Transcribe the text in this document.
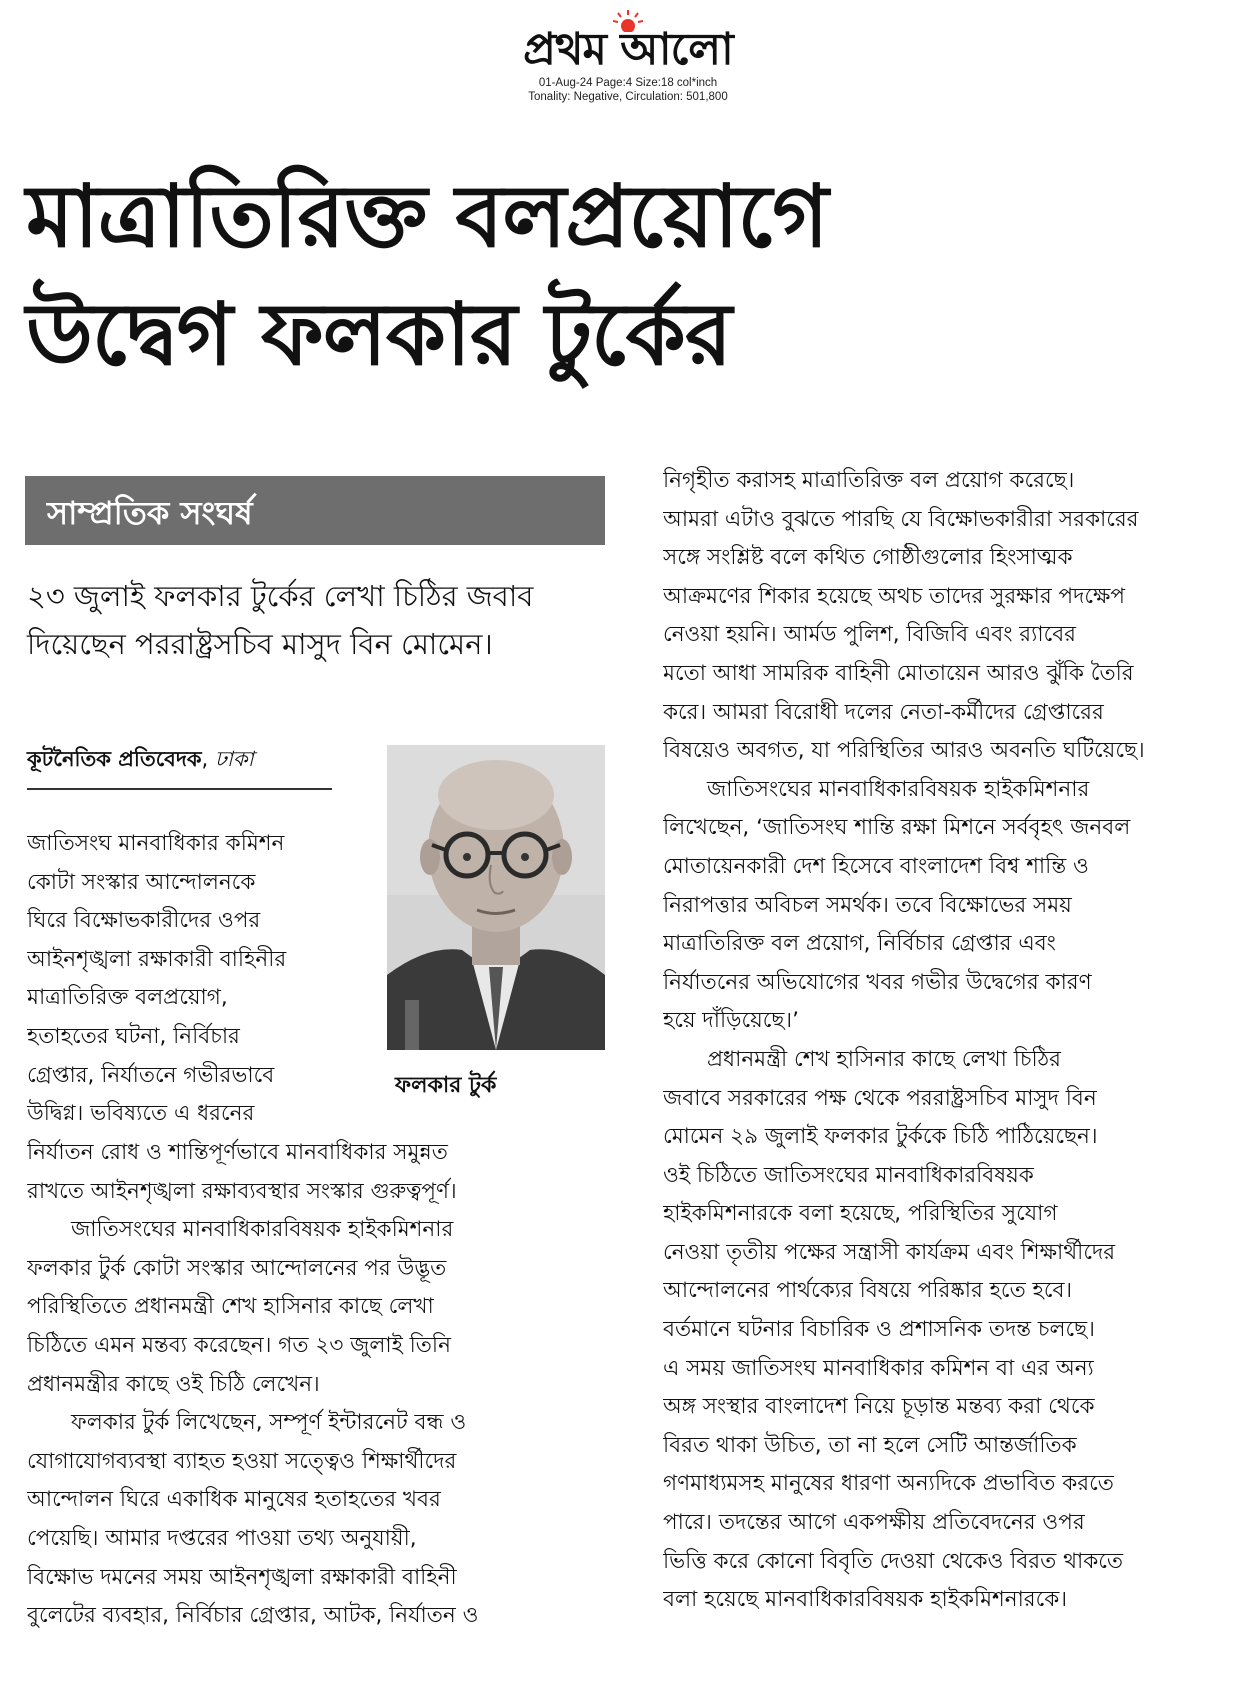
প্রথম আলো
01-Aug-24 Page:4 Size:18 col*inch
Tonality: Negative, Circulation: 501,800
মাত্রাতিরিক্ত বলপ্রয়োগে
উদ্বেগ ফলকার টুর্কের
সাম্প্রতিক সংঘর্ষ
২৩ জুলাই ফলকার টুর্কের লেখা চিঠির জবাব দিয়েছেন পররাষ্ট্রসচিব মাসুদ বিন মোমেন।
কূটনৈতিক প্রতিবেদক, ঢাকা
ফলকার টুর্ক
জাতিসংঘ মানবাধিকার কমিশন
কোটা সংস্কার আন্দোলনকে
ঘিরে বিক্ষোভকারীদের ওপর
আইনশৃঙ্খলা রক্ষাকারী বাহিনীর
মাত্রাতিরিক্ত বলপ্রয়োগ,
হতাহতের ঘটনা, নির্বিচার
গ্রেপ্তার, নির্যাতনে গভীরভাবে
উদ্বিগ্ন। ভবিষ্যতে এ ধরনের
নির্যাতন রোধ ও শান্তিপূর্ণভাবে মানবাধিকার সমুন্নত
রাখতে আইনশৃঙ্খলা রক্ষাব্যবস্থার সংস্কার গুরুত্বপূর্ণ।
জাতিসংঘের মানবাধিকারবিষয়ক হাইকমিশনার
ফলকার টুর্ক কোটা সংস্কার আন্দোলনের পর উদ্ভূত
পরিস্থিতিতে প্রধানমন্ত্রী শেখ হাসিনার কাছে লেখা
চিঠিতে এমন মন্তব্য করেছেন। গত ২৩ জুলাই তিনি
প্রধানমন্ত্রীর কাছে ওই চিঠি লেখেন।
ফলকার টুর্ক লিখেছেন, সম্পূর্ণ ইন্টারনেট বন্ধ ও
যোগাযোগব্যবস্থা ব্যাহত হওয়া সত্ত্বেও শিক্ষার্থীদের
আন্দোলন ঘিরে একাধিক মানুষের হতাহতের খবর
পেয়েছি। আমার দপ্তরের পাওয়া তথ্য অনুযায়ী,
বিক্ষোভ দমনের সময় আইনশৃঙ্খলা রক্ষাকারী বাহিনী
বুলেটের ব্যবহার, নির্বিচার গ্রেপ্তার, আটক, নির্যাতন ও
নিগৃহীত করাসহ মাত্রাতিরিক্ত বল প্রয়োগ করেছে।
আমরা এটাও বুঝতে পারছি যে বিক্ষোভকারীরা সরকারের
সঙ্গে সংশ্লিষ্ট বলে কথিত গোষ্ঠীগুলোর হিংসাত্মক
আক্রমণের শিকার হয়েছে অথচ তাদের সুরক্ষার পদক্ষেপ
নেওয়া হয়নি। আর্মড পুলিশ, বিজিবি এবং র‍্যাবের
মতো আধা সামরিক বাহিনী মোতায়েন আরও ঝুঁকি তৈরি
করে। আমরা বিরোধী দলের নেতা-কর্মীদের গ্রেপ্তারের
বিষয়েও অবগত, যা পরিস্থিতির আরও অবনতি ঘটিয়েছে।
জাতিসংঘের মানবাধিকারবিষয়ক হাইকমিশনার
লিখেছেন, ‘জাতিসংঘ শান্তি রক্ষা মিশনে সর্ববৃহৎ জনবল
মোতায়েনকারী দেশ হিসেবে বাংলাদেশ বিশ্ব শান্তি ও
নিরাপত্তার অবিচল সমর্থক। তবে বিক্ষোভের সময়
মাত্রাতিরিক্ত বল প্রয়োগ, নির্বিচার গ্রেপ্তার এবং
নির্যাতনের অভিযোগের খবর গভীর উদ্বেগের কারণ
হয়ে দাঁড়িয়েছে।’
প্রধানমন্ত্রী শেখ হাসিনার কাছে লেখা চিঠির
জবাবে সরকারের পক্ষ থেকে পররাষ্ট্রসচিব মাসুদ বিন
মোমেন ২৯ জুলাই ফলকার টুর্ককে চিঠি পাঠিয়েছেন।
ওই চিঠিতে জাতিসংঘের মানবাধিকারবিষয়ক
হাইকমিশনারকে বলা হয়েছে, পরিস্থিতির সুযোগ
নেওয়া তৃতীয় পক্ষের সন্ত্রাসী কার্যক্রম এবং শিক্ষার্থীদের
আন্দোলনের পার্থক্যের বিষয়ে পরিষ্কার হতে হবে।
বর্তমানে ঘটনার বিচারিক ও প্রশাসনিক তদন্ত চলছে।
এ সময় জাতিসংঘ মানবাধিকার কমিশন বা এর অন্য
অঙ্গ সংস্থার বাংলাদেশ নিয়ে চূড়ান্ত মন্তব্য করা থেকে
বিরত থাকা উচিত, তা না হলে সেটি আন্তর্জাতিক
গণমাধ্যমসহ মানুষের ধারণা অন্যদিকে প্রভাবিত করতে
পারে। তদন্তের আগে একপক্ষীয় প্রতিবেদনের ওপর
ভিত্তি করে কোনো বিবৃতি দেওয়া থেকেও বিরত থাকতে
বলা হয়েছে মানবাধিকারবিষয়ক হাইকমিশনারকে।
